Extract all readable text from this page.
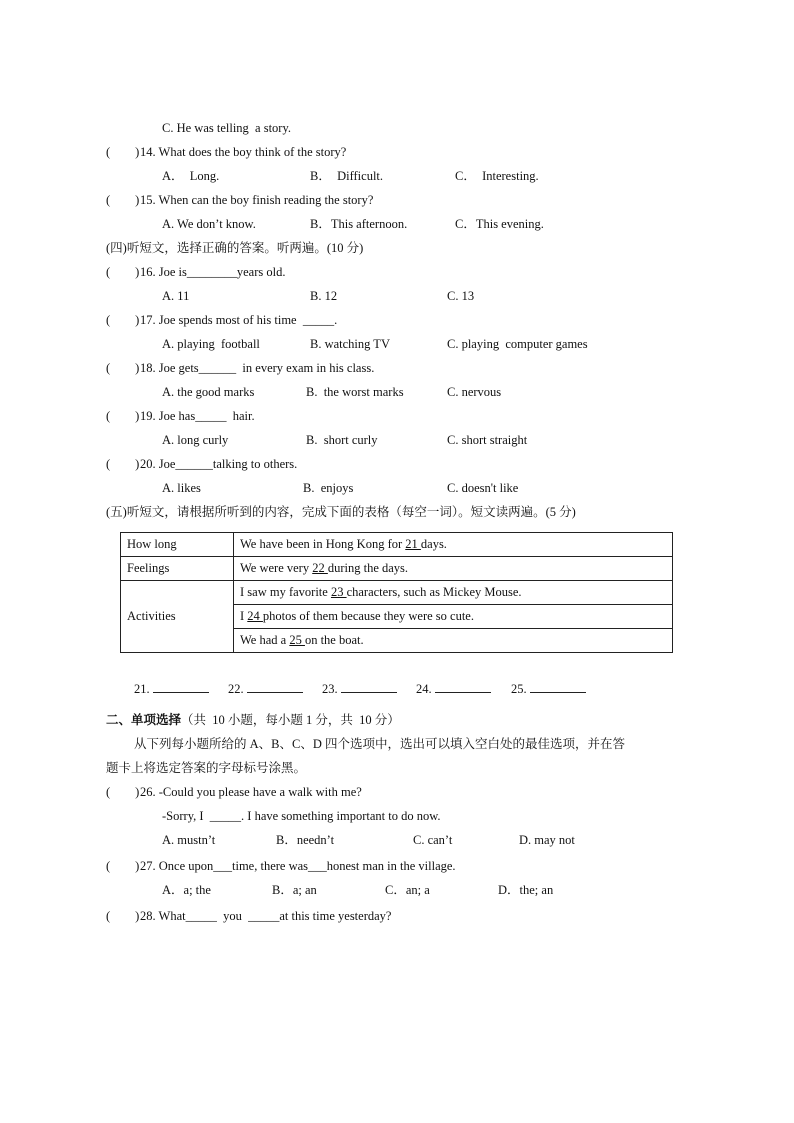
C. He was telling  a story.
(        ) 14. What does the boy think of the story?
A．  Long.	B．  Difficult.	C．  Interesting.
(        ) 15. When can the boy finish reading the story?
A. We don’t know.	B．This afternoon.	C．This evening.
(四)听短文，选择正确的答案。听两遍。(10 分)
(        ) 16. Joe is________years old.
A. 11	B. 12	C. 13
(        ) 17. Joe spends most of his time  _____.
A. playing  football	B. watching TV	C. playing  computer games
(        ) 18. Joe gets______  in every exam in his class.
A. the good marks	B.  the worst marks	C. nervous
(        ) 19. Joe has_____  hair.
A. long curly	B.  short curly	C. short straight
(        ) 20. Joe______talking to others.
A. likes	B.  enjoys	C. doesn't like
(五)听短文，请根据所听到的内容，完成下面的表格（每空一词）。短文读两遍。(5 分)
How long	We have been in Hong Kong for 21 days.
Feelings	We were very 22 during the days.
Activities	I saw my favorite 23 characters, such as Mickey Mouse.
	I 24 photos of them because they were so cute.
	We had a 25 on the boat.
21.	22.	23.	24.	25.
二、单项选择（共  10 小题，每小题 1 分，共  10 分）
从下列每小题所给的 A、B、C、D 四个选项中，选出可以填入空白处的最佳选项，并在答
题卡上将选定答案的字母标号涂黑。
(        ) 26. -Could you please have a walk with me?
-Sorry, I  _____. I have something important to do now.
A. mustn’t	B．needn’t	C. can’t	D. may not
(        ) 27. Once upon___time, there was___honest man in the village.
A．a; the	B．a; an	C．an; a	D．the; an
(        ) 28. What_____  you  _____at this time yesterday?
